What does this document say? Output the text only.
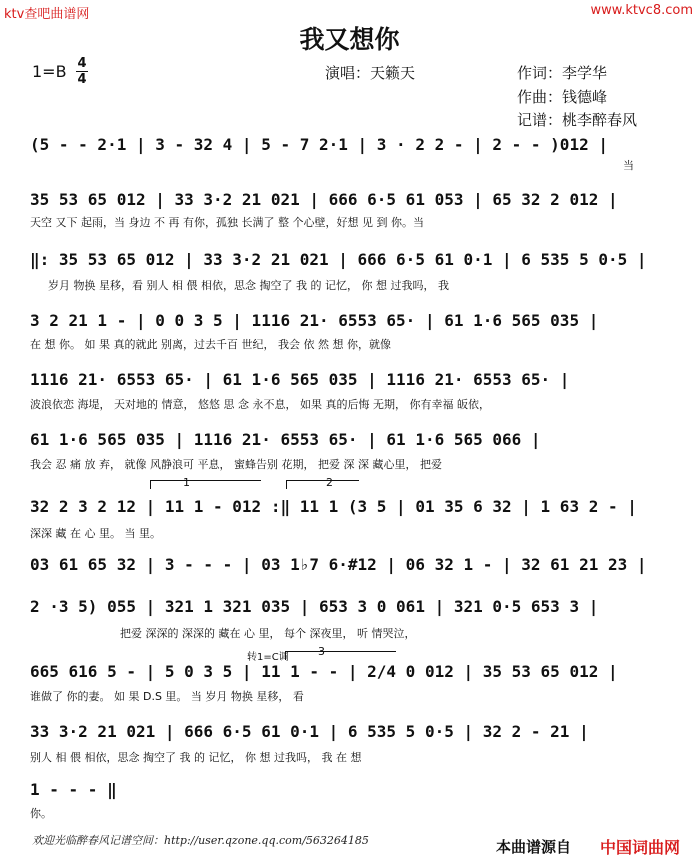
ktv查吧曲谱网	www.ktvc8.com
我又想你
1=B 4
4	演唱：天籁天	作词：李学华
作曲：钱德峰
记谱：桃李醉春风
(5 - - 2·1 | 3 - 32 4 | 5 - 7 2·1 | 3 · 2 2 - | 2 - - )012 |
当
35 53 65 012 | 33 3·2 21 021 | 666 6·5 61 053 | 65 32 2 012 |
天空 又下 起雨，当 身边 不 再 有你，孤独 长满了 整 个心壁，好想 见 到 你。当
‖: 35 53 65 012 | 33 3·2 21 021 | 666 6·5 61 0·1 | 6 535 5 0·5 |
岁月 物换 星移，看 别人 相 偎 相依，思念 掏空了 我 的 记忆， 你 想 过我吗， 我
3 2 21 1 - | 0 0 3 5 | 1116 21· 6553 65· | 61 1·6 565 035 |
在 想 你。 如 果 真的就此 别离，过去千百 世纪， 我会 依 然 想 你，就像
1116 21· 6553 65· | 61 1·6 565 035 | 1116 21· 6553 65· |
波浪依恋 海堤， 天对地的 情意， 悠悠 思 念 永不息， 如果 真的后悔 无期， 你有幸福 皈依，
61 1·6 565 035 | 1116 21· 6553 65· | 61 1·6 565 066 |
我会 忍 痛 放 弃， 就像 风静浪可 平息， 蜜蜂告别 花期， 把爱 深 深 藏心里， 把爱
1	2
32 2 3 2 12 | 11 1 - 012 :‖ 11 1 (3 5 | 01 35 6 32 | 1 63 2 - |
深深 藏 在 心 里。 当 里。
03 61 65 32 | 3 - - - | 03 1♭7 6·#12 | 06 32 1 - | 32 61 21 23 |
2 ·3 5) 055 | 321 1 321 035 | 653 3 0 061 | 321 0·5 653 3 |
把爱 深深的 深深的 藏在 心 里， 每个 深夜里， 听 情哭泣，
转1=C调	3
665 616 5 - | 5 0 3 5 | 11 1 - - | 2/4 0 012 | 35 53 65 012 |
谁做了 你的妻。 如 果 D.S 里。 当 岁月 物换 星移， 看
33 3·2 21 021 | 666 6·5 61 0·1 | 6 535 5 0·5 | 32 2 - 21 |
别人 相 偎 相依，思念 掏空了 我 的 记忆， 你 想 过我吗， 我 在 想
1 - - - ‖
你。
欢迎光临醉春风记谱空间：http://user.qzone.qq.com/563264185	本曲谱源自 中国词曲网
